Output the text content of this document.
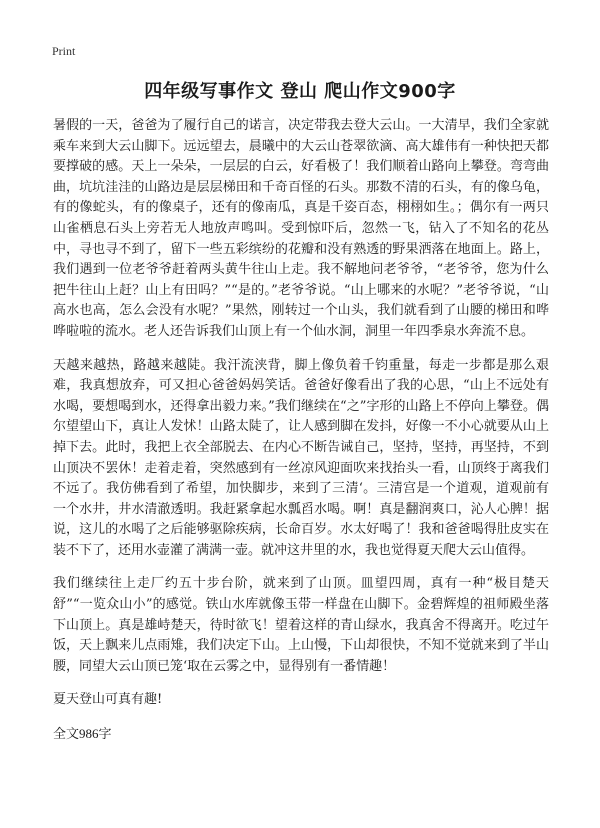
Print
四年级写事作文 登山 爬山作文900字

暑假的一天，爸爸为了履行自己的诺言，决定带我去登大云山。一大清早，我们全家就乘车来到大云山脚下。远远望去，晨曦中的大云山苍翠欲滴、高大雄伟有一种快把天都要撑破的感。天上一朵朵，一层层的白云，好看极了！我们顺着山路向上攀登。弯弯曲曲，坑坑洼洼的山路边是层层梯田和千奇百怪的石头。那数不清的石头，有的像乌龟，有的像蛇头，有的像桌子，还有的像南瓜，真是千姿百态，栩栩如生。；偶尔有一两只山雀栖息石头上旁若无人地放声鸣叫。受到惊吓后，忽然一飞，钻入了不知名的花丛中，寻也寻不到了，留下一些五彩缤纷的花瓣和没有熟透的野果洒落在地面上。路上，我们遇到一位老爷爷赶着两头黄牛往山上走。我不解地问老爷爷，“老爷爷，您为什么把牛往山上赶？山上有田吗？”“是的。”老爷爷说。“山上哪来的水呢？”老爷爷说，“山高水也高，怎么会没有水呢？”果然，刚转过一个山头，我们就看到了山腰的梯田和哗哗啦啦的流水。老人还告诉我们山顶上有一个仙水洞，洞里一年四季泉水奔流不息。

天越来越热，路越来越陡。我汗流浃背，脚上像负着千钧重量，每走一步都是那么艰难，我真想放弃，可又担心爸爸妈妈笑话。爸爸好像看出了我的心思，“山上不远处有水喝，要想喝到水，还得拿出毅力来。”我们继续在“之”字形的山路上不停向上攀登。偶尔望望山下，真让人发怵！山路太陡了，让人感到脚在发抖，好像一不小心就要从山上掉下去。此时，我把上衣全部脱去、在内心不断告诫自己，坚持，坚持，再坚持，不到山顶决不罢休！走着走着，突然感到有一丝凉风迎面吹来找抬头一看，山顶终于离我们不远了。我仿佛看到了希望，加快脚步，来到了三清‘。三清宫是一个道观，道观前有一个水井，井水清澈透明。我赶紧拿起水瓢舀水喝。啊！真是翻润爽口，沁人心脾！据说，这儿的水喝了之后能够驱除疾病，长命百岁。水太好喝了！我和爸爸喝得肚皮实在装不下了，还用水壶灌了满满一壶。就冲这井里的水，我也觉得夏天爬大云山值得。

我们继续往上走厂约五十步台阶，就来到了山顶。皿望四周，真有一种“极目楚天舒”“一览众山小”的感觉。铁山水库就像玉带一样盘在山脚下。金碧辉煌的祖师殿坐落下山顶上。真是雄峙楚天，待时欲飞！望着这样的青山绿水，我真舍不得离开。吃过午饭，天上飘来儿点雨雉，我们决定下山。上山慢，下山却很快，不知不觉就来到了半山腰，同望大云山顶已笼‘取在云雾之中，显得别有一番情趣！

夏天登山可真有趣!

全文986字
